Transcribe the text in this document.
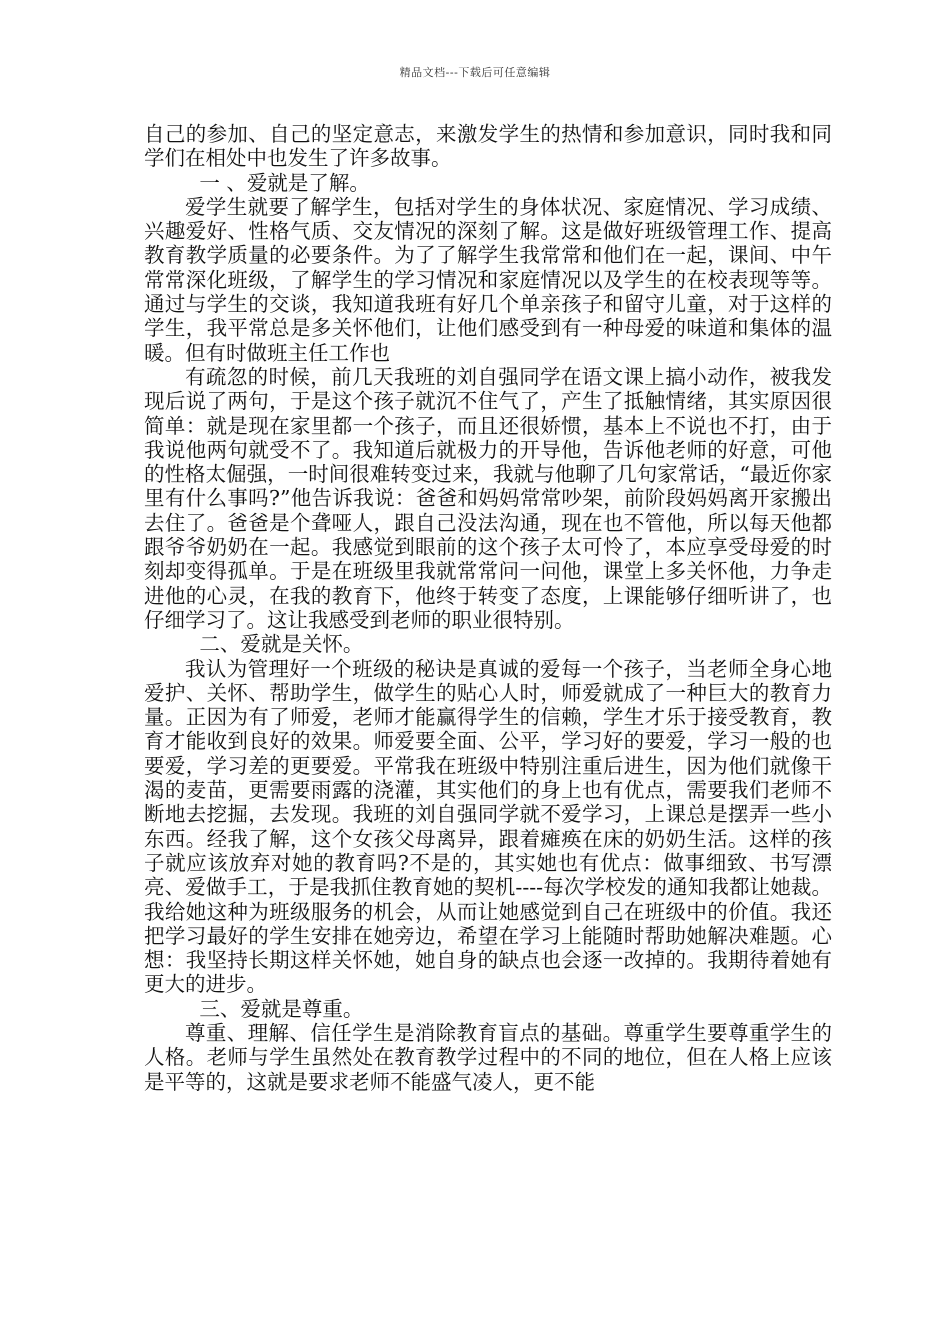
精品文档---下载后可任意编辑

自己的参加、自己的坚定意志，来激发学生的热情和参加意识，同时我和同学们在相处中也发生了许多故事。

一 、爱就是了解。

爱学生就要了解学生，包括对学生的身体状况、家庭情况、学习成绩、兴趣爱好、性格气质、交友情况的深刻了解。这是做好班级管理工作、提高教育教学质量的必要条件。为了了解学生我常常和他们在一起，课间、中午常常深化班级，了解学生的学习情况和家庭情况以及学生的在校表现等等。通过与学生的交谈，我知道我班有好几个单亲孩子和留守儿童，对于这样的学生，我平常总是多关怀他们，让他们感受到有一种母爱的味道和集体的温暖。但有时做班主任工作也

有疏忽的时候，前几天我班的刘自强同学在语文课上搞小动作，被我发现后说了两句，于是这个孩子就沉不住气了，产生了抵触情绪，其实原因很简单：就是现在家里都一个孩子，而且还很娇惯，基本上不说也不打，由于我说他两句就受不了。我知道后就极力的开导他，告诉他老师的好意，可他的性格太倔强，一时间很难转变过来，我就与他聊了几句家常话，“最近你家里有什么事吗?”他告诉我说：爸爸和妈妈常常吵架，前阶段妈妈离开家搬出去住了。爸爸是个聋哑人，跟自己没法沟通，现在也不管他，所以每天他都跟爷爷奶奶在一起。我感觉到眼前的这个孩子太可怜了，本应享受母爱的时刻却变得孤单。于是在班级里我就常常问一问他，课堂上多关怀他，力争走进他的心灵，在我的教育下，他终于转变了态度，上课能够仔细听讲了，也仔细学习了。这让我感受到老师的职业很特别。

二、爱就是关怀。

我认为管理好一个班级的秘诀是真诚的爱每一个孩子，当老师全身心地爱护、关怀、帮助学生，做学生的贴心人时，师爱就成了一种巨大的教育力量。正因为有了师爱，老师才能赢得学生的信赖，学生才乐于接受教育，教育才能收到良好的效果。师爱要全面、公平，学习好的要爱，学习一般的也要爱，学习差的更要爱。平常我在班级中特别注重后进生，因为他们就像干渴的麦苗，更需要雨露的浇灌，其实他们的身上也有优点，需要我们老师不断地去挖掘，去发现。我班的刘自强同学就不爱学习，上课总是摆弄一些小东西。经我了解，这个女孩父母离异，跟着瘫痪在床的奶奶生活。这样的孩子就应该放弃对她的教育吗?不是的，其实她也有优点：做事细致、书写漂亮、爱做手工，于是我抓住教育她的契机----每次学校发的通知我都让她裁。我给她这种为班级服务的机会，从而让她感觉到自己在班级中的价值。我还把学习最好的学生安排在她旁边，希望在学习上能随时帮助她解决难题。心想：我坚持长期这样关怀她，她自身的缺点也会逐一改掉的。我期待着她有更大的进步。

三、爱就是尊重。

尊重、理解、信任学生是消除教育盲点的基础。尊重学生要尊重学生的人格。老师与学生虽然处在教育教学过程中的不同的地位，但在人格上应该是平等的，这就是要求老师不能盛气凌人，更不能
